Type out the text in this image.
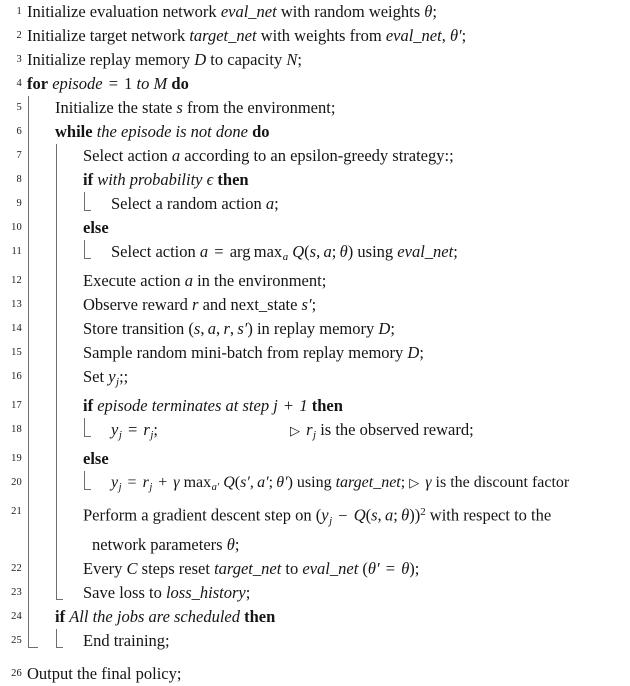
1 Initialize evaluation network eval_net with random weights θ;
2 Initialize target network target_net with weights from eval_net, θ′;
3 Initialize replay memory D to capacity N;
4 for episode = 1 to M do
5	Initialize the state s from the environment;
6	while the episode is not done do
7	Select action a according to an epsilon-greedy strategy:;
8	if with probability ϵ then
9	Select a random action a;
10	else
11	Select action a = arg $\max_a Q(s$, a; θ) using eval_net;
12	Execute action a in the environment;
13	Observe reward r and next_state s′;
14	Store transition (s, a, r, s′) in replay memory D;
15	Sample random mini-batch from replay memory D;
16	Set $y_j$;;
17	if episode terminates at step j + 1 then
18	$y_j = r_j$;	▷ $r_j$ is the observed reward;
19	else
20	$y_j = r_j + \gamma$ $\max_{a'} Q(s'$, a′; θ′) using target_net; ▷ γ is the discount factor
21	Perform a gradient descent step on ($y_j - Q(s$, a; θ))$^2$ with respect to the
network parameters θ;
22	Every C steps reset target_net to eval_net (θ′ = θ);
23	Save loss to loss_history;
24	if All the jobs are scheduled then
25	End training;
26 Output the final policy;
